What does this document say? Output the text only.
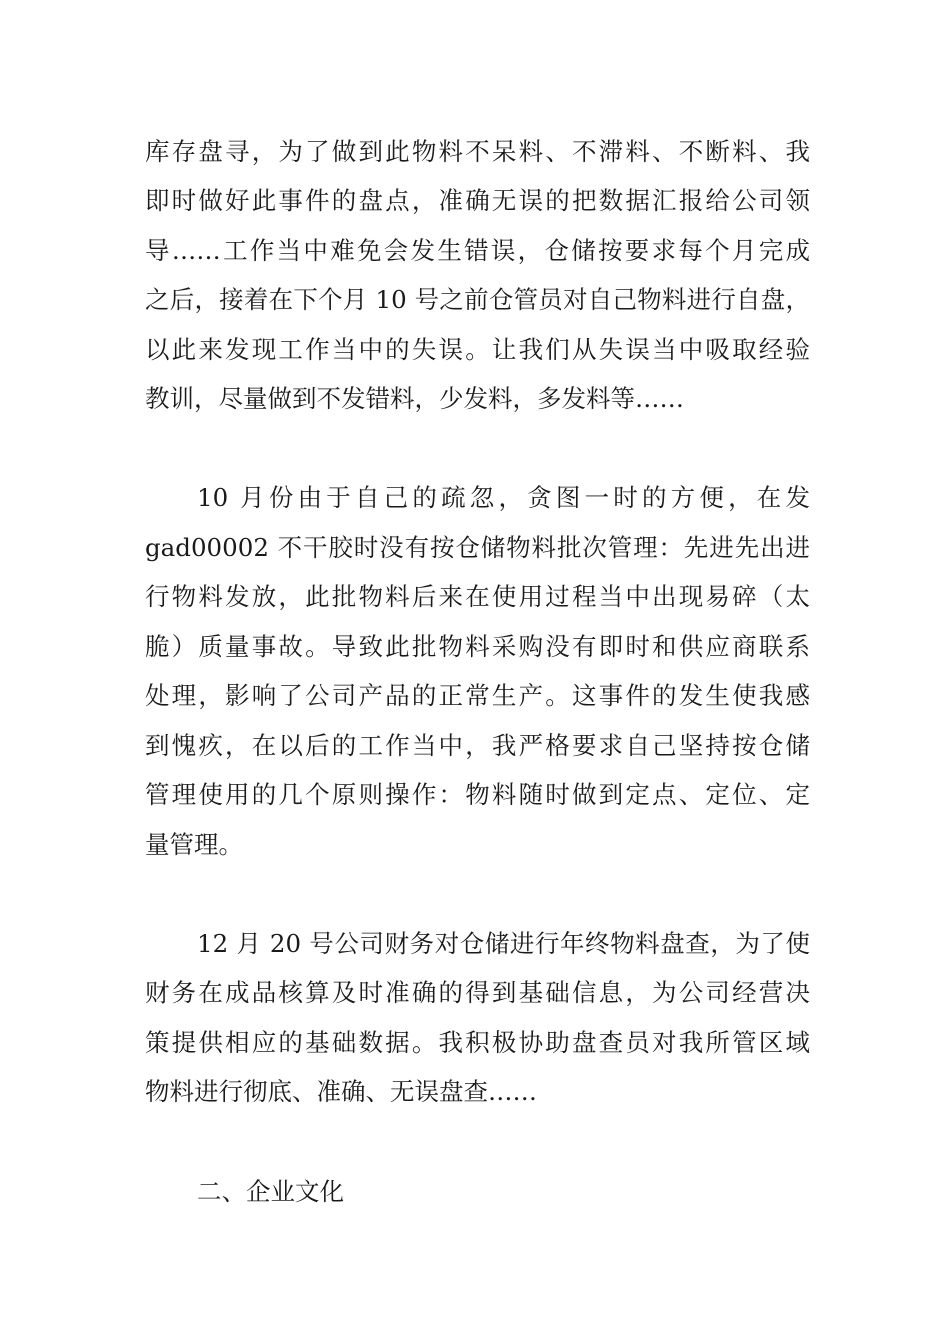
库存盘寻，为了做到此物料不呆料、不滞料、不断料、我
即时做好此事件的盘点，准确无误的把数据汇报给公司领
导……工作当中难免会发生错误，仓储按要求每个月完成
之后，接着在下个月 10 号之前仓管员对自己物料进行自盘，
以此来发现工作当中的失误。让我们从失误当中吸取经验
教训，尽量做到不发错料，少发料，多发料等……
10 月份由于自己的疏忽，贪图一时的方便，在发
gad00002 不干胶时没有按仓储物料批次管理：先进先出进
行物料发放，此批物料后来在使用过程当中出现易碎（太
脆）质量事故。导致此批物料采购没有即时和供应商联系
处理，影响了公司产品的正常生产。这事件的发生使我感
到愧疚，在以后的工作当中，我严格要求自己坚持按仓储
管理使用的几个原则操作：物料随时做到定点、定位、定
量管理。
12 月 20 号公司财务对仓储进行年终物料盘查，为了使
财务在成品核算及时准确的得到基础信息，为公司经营决
策提供相应的基础数据。我积极协助盘查员对我所管区域
物料进行彻底、准确、无误盘查……
二、企业文化
